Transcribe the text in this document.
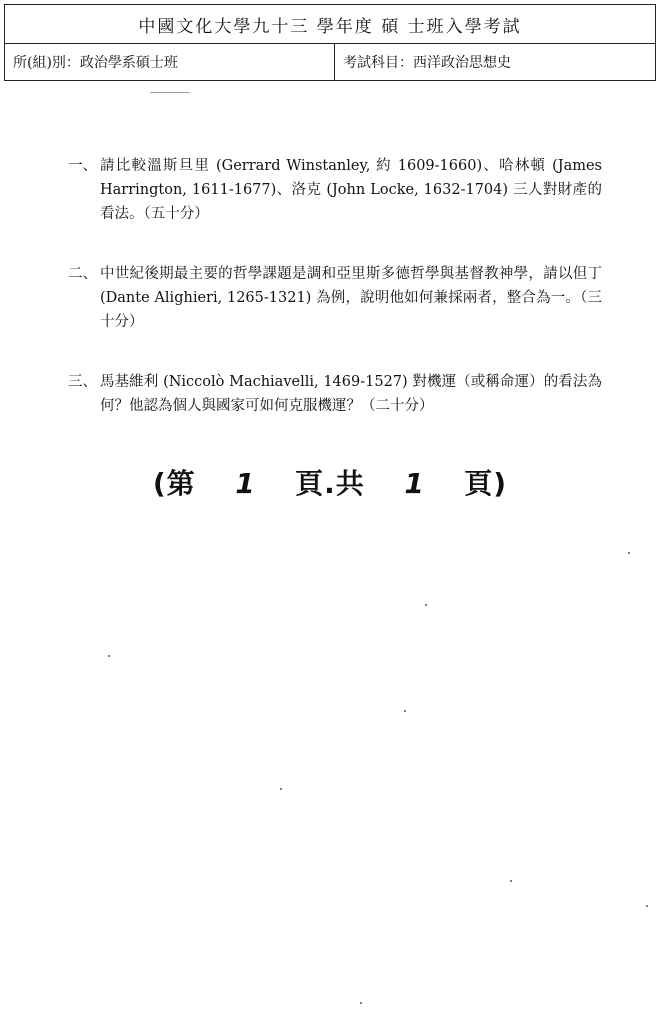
中國文化大學九十三 學年度 碩 士班入學考試
所(組)別：政治學系碩士班	考試科目：西洋政治思想史
一、 請比較溫斯旦里 (Gerrard Winstanley, 約 1609-1660)、哈林頓 (James Harrington, 1611-1677)、洛克 (John Locke, 1632-1704) 三人對財產的看法。（五十分）
二、 中世紀後期最主要的哲學課題是調和亞里斯多德哲學與基督教神學，請以但丁 (Dante Alighieri, 1265-1321) 為例，說明他如何兼採兩者，整合為一。（三十分）
三、 馬基維利 (Niccolò Machiavelli, 1469-1527) 對機運（或稱命運）的看法為何？他認為個人與國家可如何克服機運？（二十分）
(第 1 頁.共 1 頁)
